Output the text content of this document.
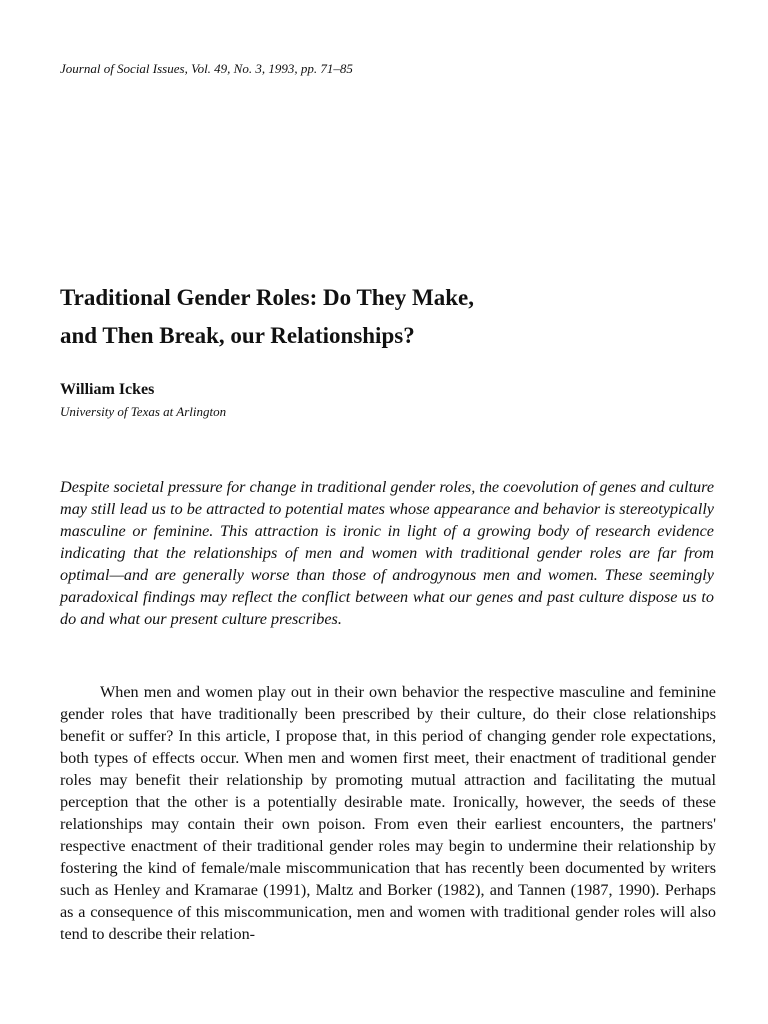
Journal of Social Issues, Vol. 49, No. 3, 1993, pp. 71–85
Traditional Gender Roles: Do They Make,
and Then Break, our Relationships?
William Ickes
University of Texas at Arlington

Despite societal pressure for change in traditional gender roles, the coevolution of genes and culture may still lead us to be attracted to potential mates whose appearance and behavior is stereotypically masculine or feminine. This attraction is ironic in light of a growing body of research evidence indicating that the relationships of men and women with traditional gender roles are far from optimal—and are generally worse than those of androgynous men and women. These seemingly paradoxical findings may reflect the conflict between what our genes and past culture dispose us to do and what our present culture prescribes.

When men and women play out in their own behavior the respective masculine and feminine gender roles that have traditionally been prescribed by their culture, do their close relationships benefit or suffer? In this article, I propose that, in this period of changing gender role expectations, both types of effects occur. When men and women first meet, their enactment of traditional gender roles may benefit their relationship by promoting mutual attraction and facilitating the mutual perception that the other is a potentially desirable mate. Ironically, however, the seeds of these relationships may contain their own poison. From even their earliest encounters, the partners' respective enactment of their traditional gender roles may begin to undermine their relationship by fostering the kind of female/male miscommunication that has recently been documented by writers such as Henley and Kramarae (1991), Maltz and Borker (1982), and Tannen (1987, 1990). Perhaps as a consequence of this miscommunication, men and women with traditional gender roles will also tend to describe their relation-
